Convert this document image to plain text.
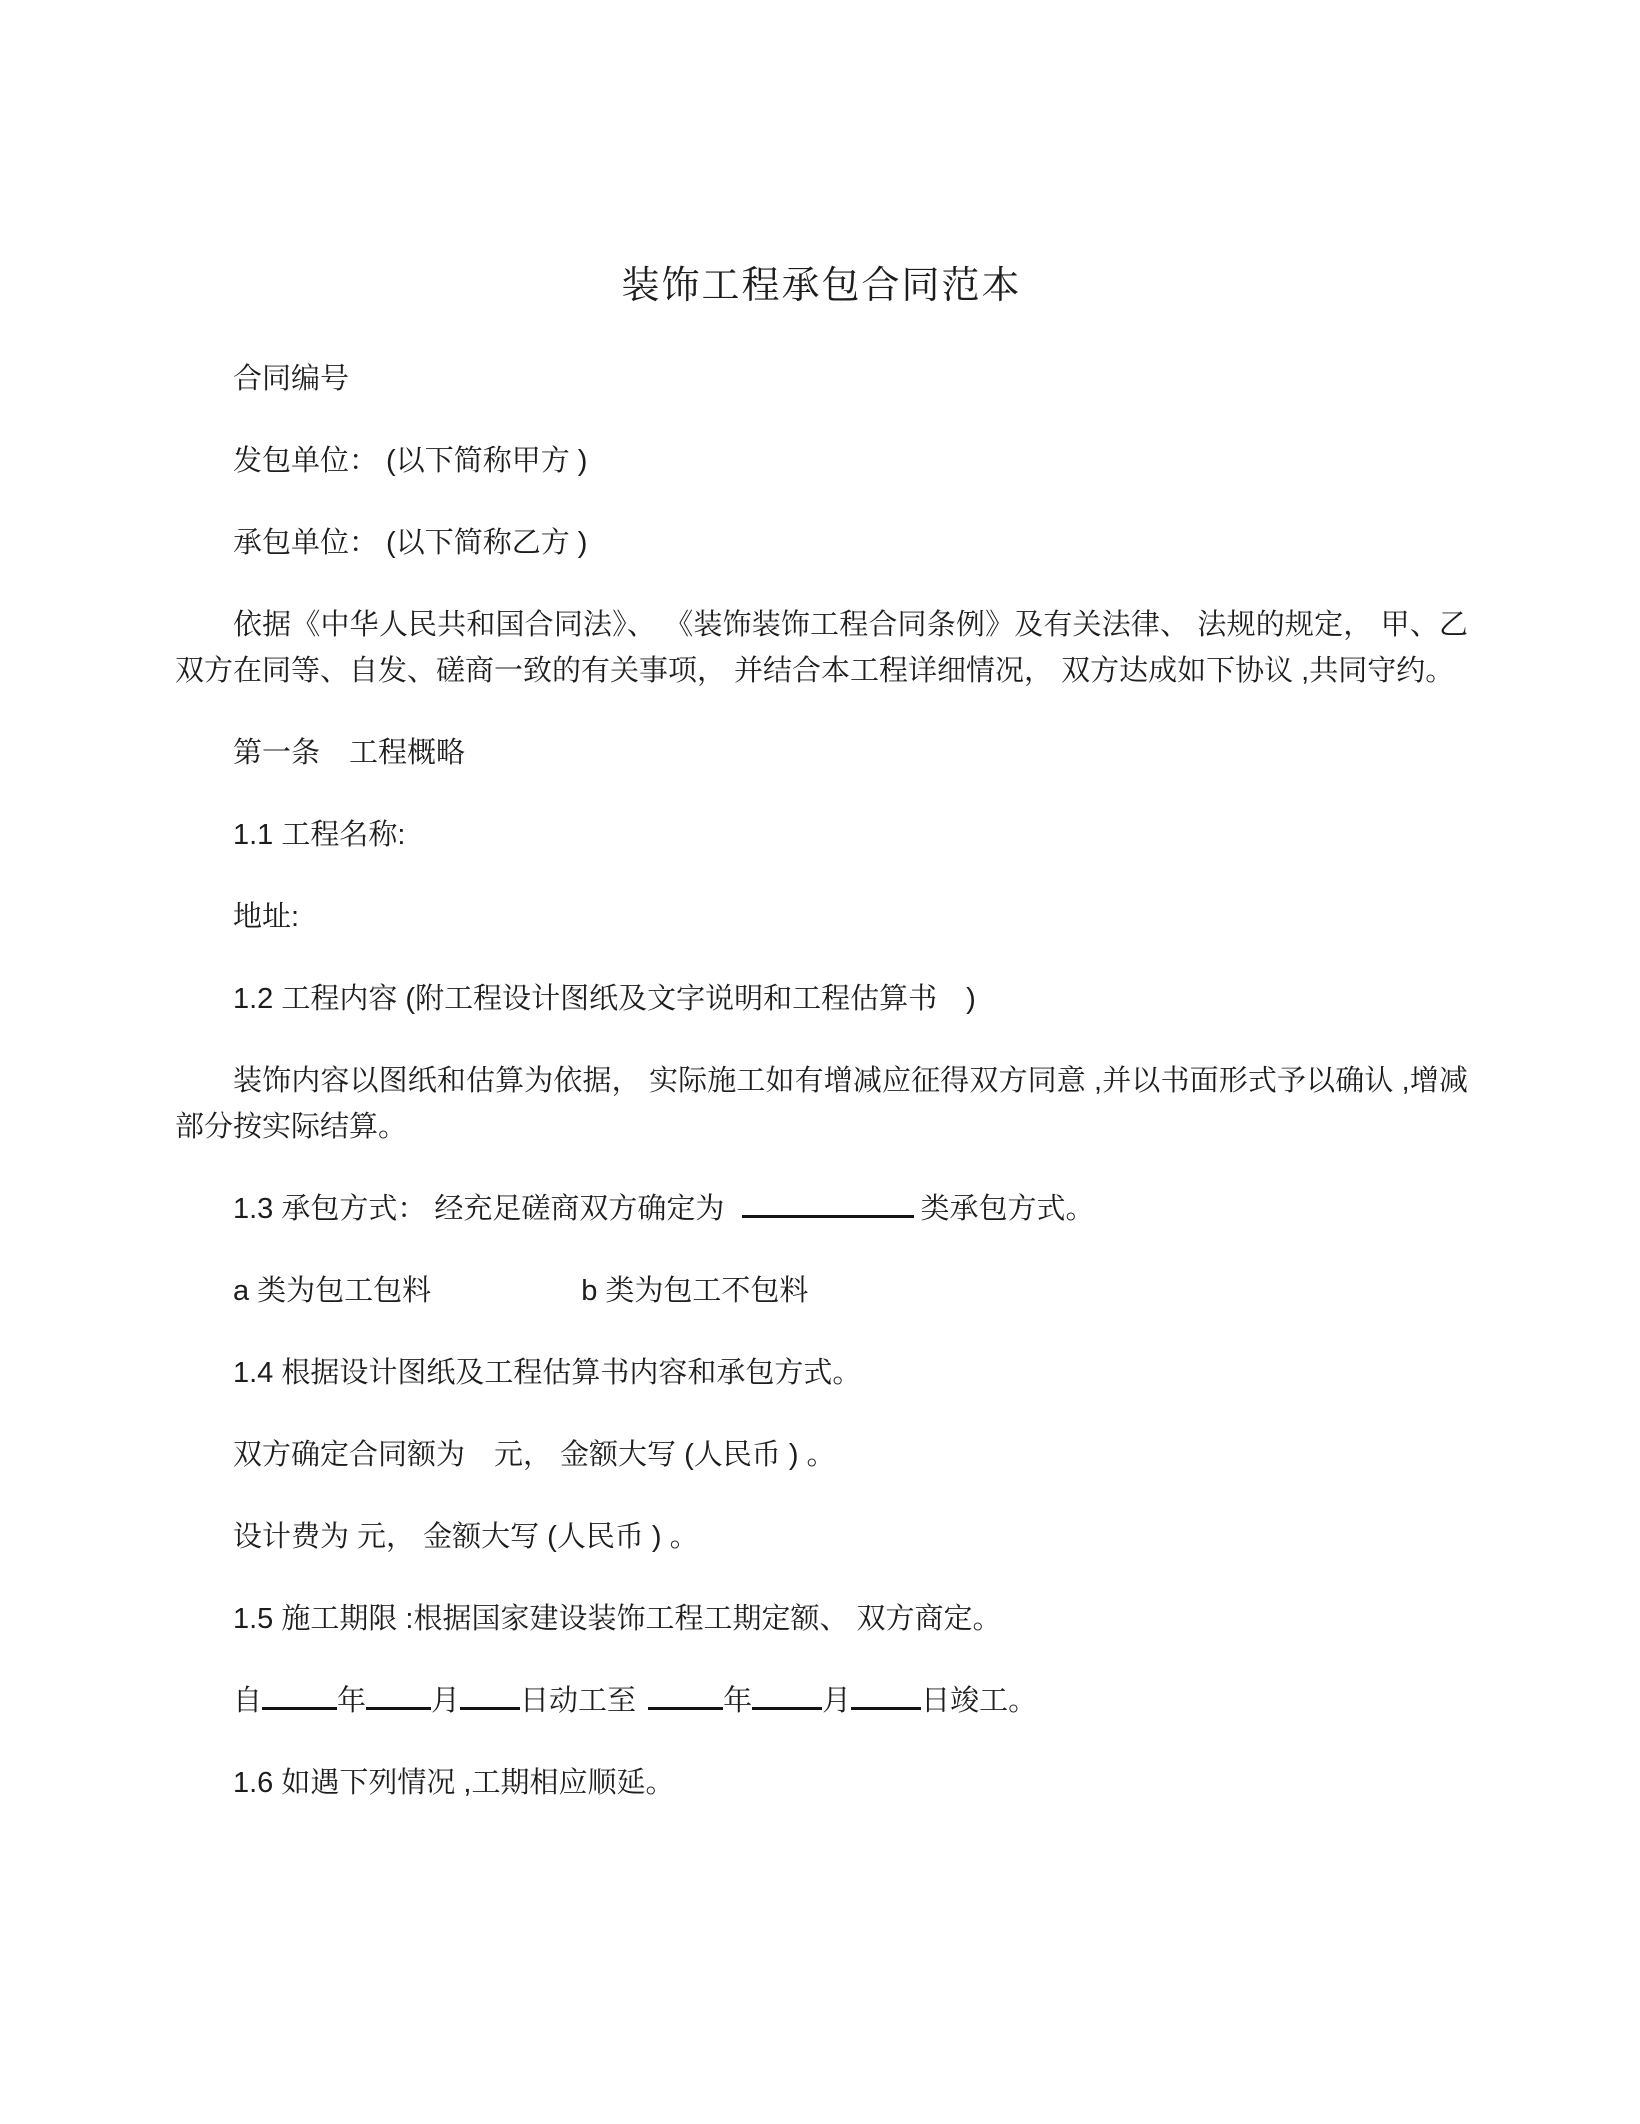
装饰工程承包合同范本

合同编号

发包单位： (以下简称甲方 )

承包单位： (以下简称乙方 )

依据《中华人民共和国合同法》、 《装饰装饰工程合同条例》及有关法律、 法规的规定， 甲、乙双方在同等、自发、磋商一致的有关事项， 并结合本工程详细情况， 双方达成如下协议 ,共同守约。

第一条　工程概略

1.1 工程名称:

地址:

1.2 工程内容 (附工程设计图纸及文字说明和工程估算书　)

装饰内容以图纸和估算为依据， 实际施工如有增减应征得双方同意 ,并以书面形式予以确认 ,增减部分按实际结算。

1.3 承包方式： 经充足磋商双方确定为	类承包方式。

a 类为包工包料	b 类为包工不包料

1.4 根据设计图纸及工程估算书内容和承包方式。

双方确定合同额为　元， 金额大写 (人民币 ) 。

设计费为 元， 金额大写 (人民币 ) 。

1.5 施工期限 :根据国家建设装饰工程工期定额、 双方商定。

自	年 月 日动工至	年 月 日竣工。

1.6 如遇下列情况 ,工期相应顺延。
